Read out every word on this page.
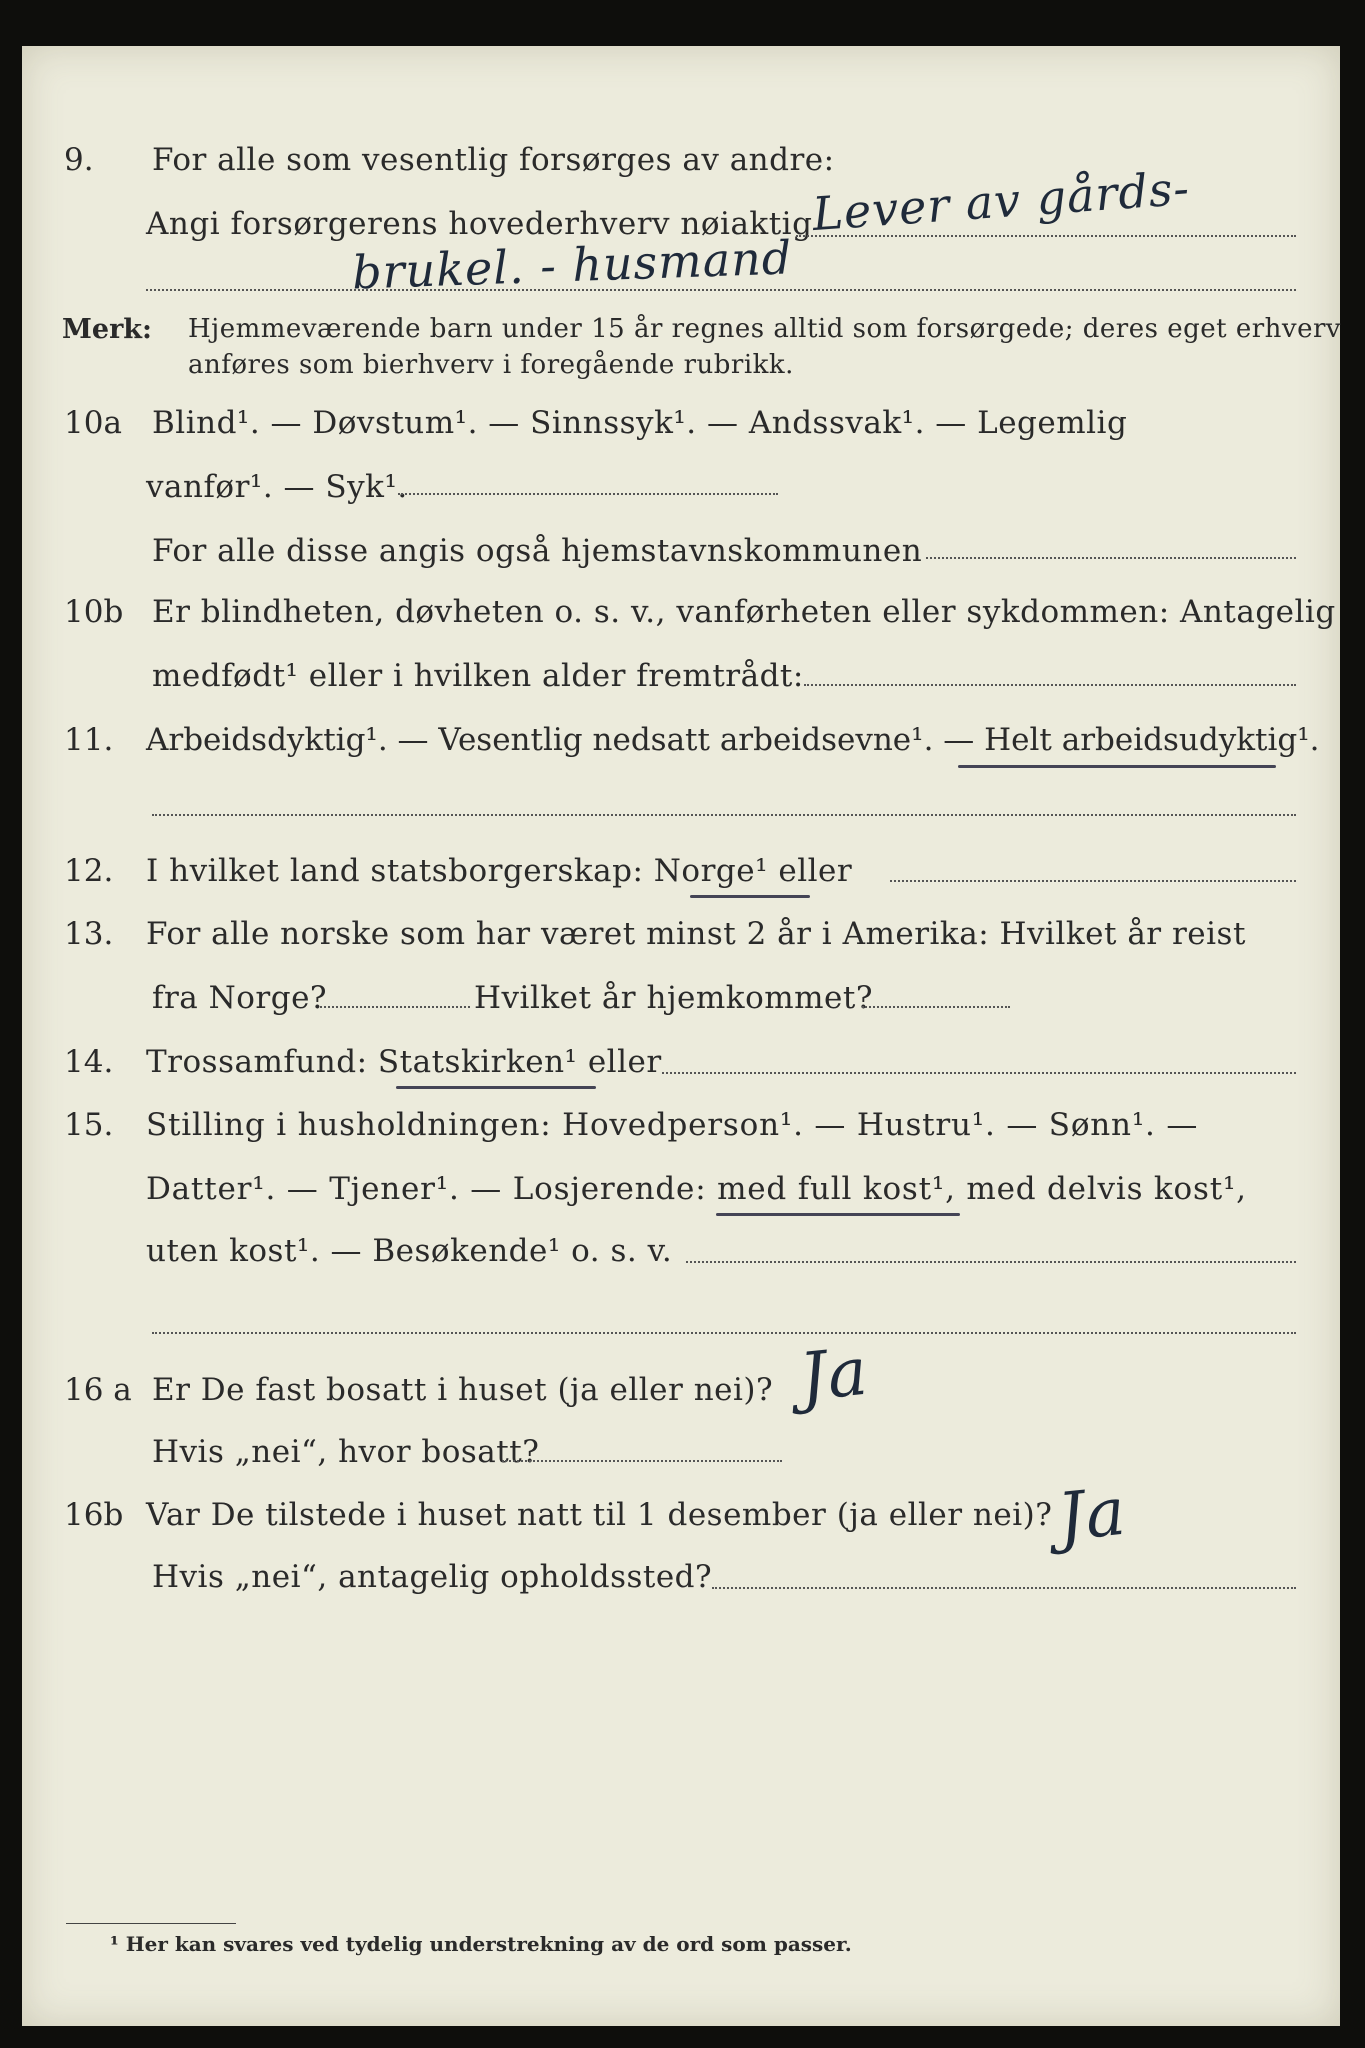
9. For alle som vesentlig forsørges av andre:
Angi forsørgerens hovederhverv nøiaktig
Lever av gårds-
brukel. - husmand
Merk: Hjemmeværende barn under 15 år regnes alltid som forsørgede; deres eget erhverv
anføres som bierhverv i foregående rubrikk.
10a Blind¹. — Døvstum¹. — Sinnssyk¹. — Andssvak¹. — Legemlig
vanfør¹. — Syk¹.
For alle disse angis også hjemstavnskommunen
10b Er blindheten, døvheten o. s. v., vanførheten eller sykdommen: Antagelig
medfødt¹ eller i hvilken alder fremtrådt:
11. Arbeidsdyktig¹. — Vesentlig nedsatt arbeidsevne¹. — Helt arbeidsudyktig¹.
12. I hvilket land statsborgerskap: Norge¹ eller
13. For alle norske som har været minst 2 år i Amerika: Hvilket år reist
fra Norge?	Hvilket år hjemkommet?
14. Trossamfund: Statskirken¹ eller
15. Stilling i husholdningen: Hovedperson¹. — Hustru¹. — Sønn¹. —
Datter¹. — Tjener¹. — Losjerende: med full kost¹, med delvis kost¹,
uten kost¹. — Besøkende¹ o. s. v.
16 a Er De fast bosatt i huset (ja eller nei)? Ja
Hvis „nei“, hvor bosatt?
16b Var De tilstede i huset natt til 1 desember (ja eller nei)? Ja
Hvis „nei“, antagelig opholdssted?
¹ Her kan svares ved tydelig understrekning av de ord som passer.
